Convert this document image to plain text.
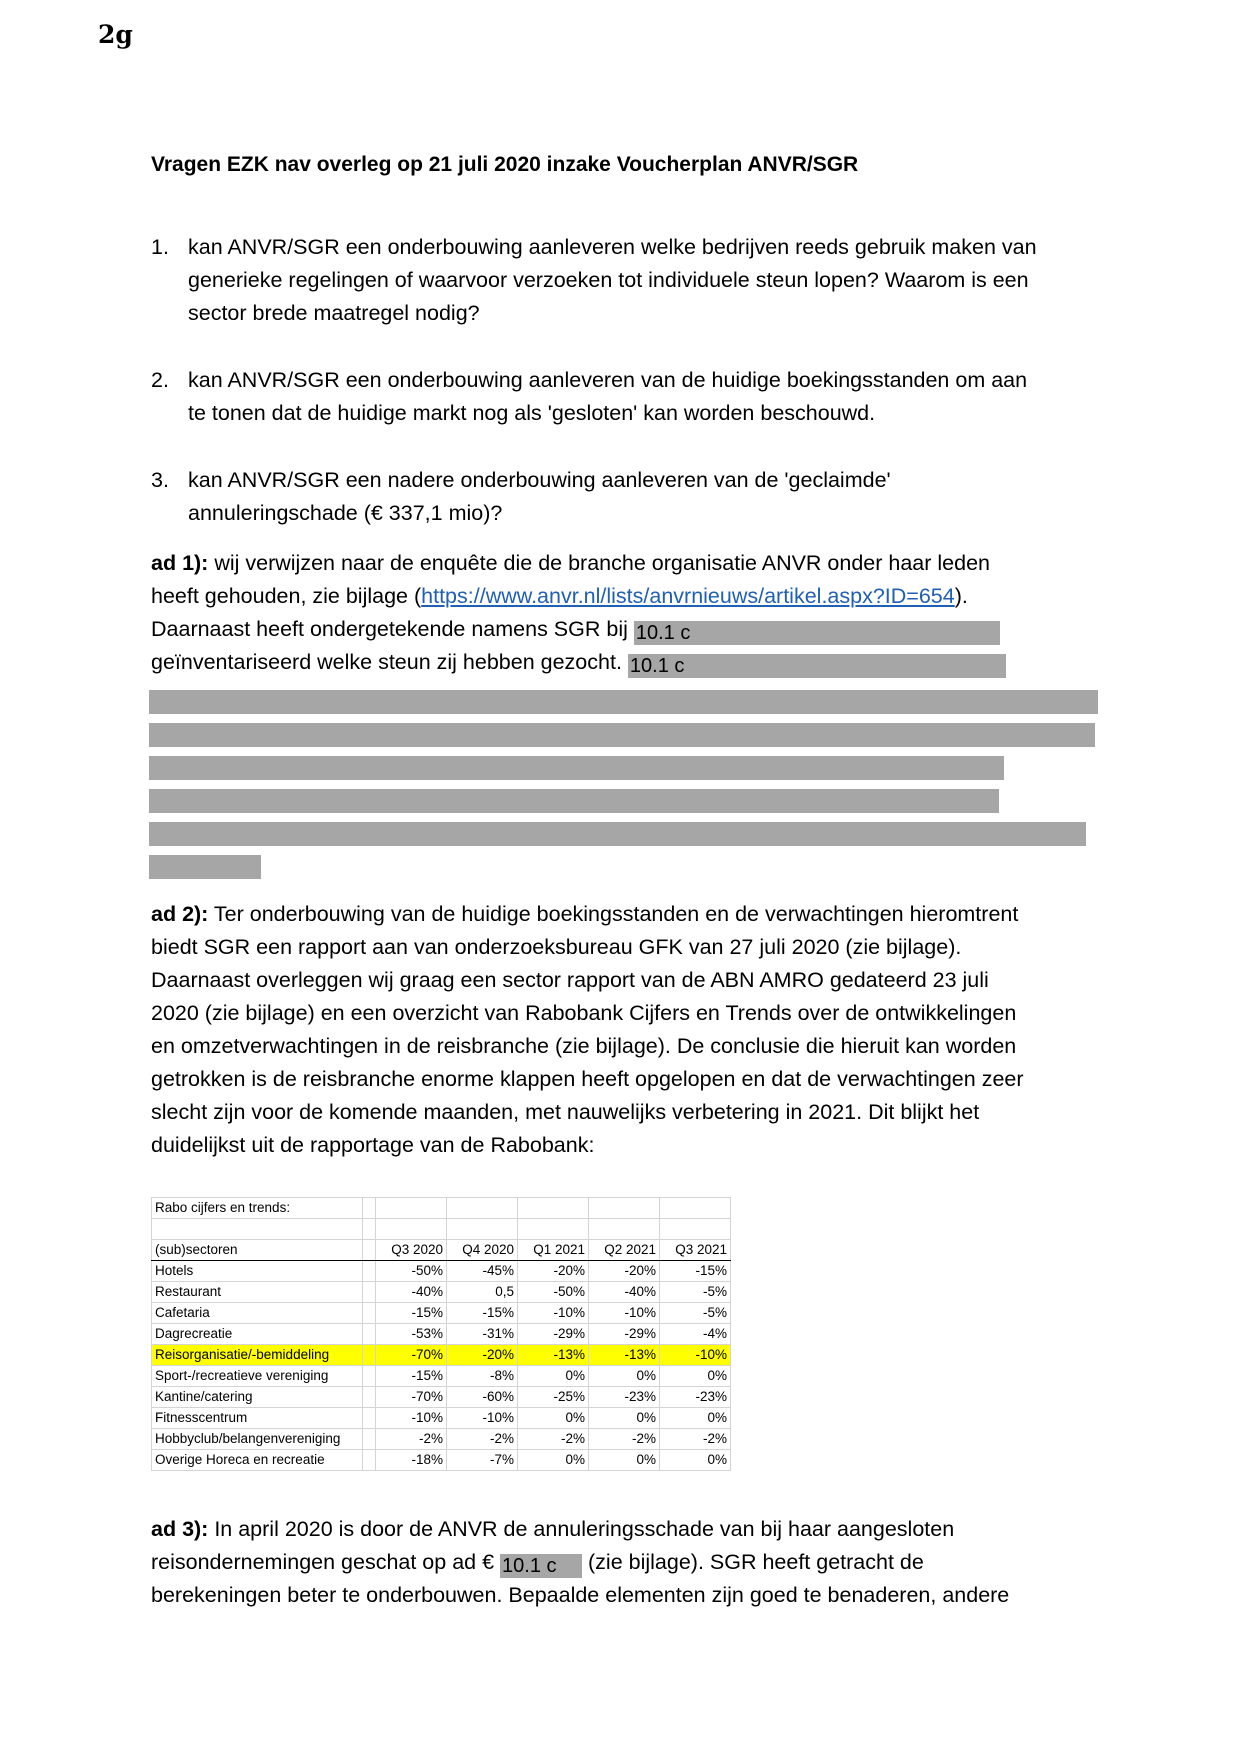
2g
Vragen EZK nav overleg op 21 juli 2020 inzake Voucherplan ANVR/SGR
1. kan ANVR/SGR een onderbouwing aanleveren welke bedrijven reeds gebruik maken van
generieke regelingen of waarvoor verzoeken tot individuele steun lopen? Waarom is een
sector brede maatregel nodig?
2. kan ANVR/SGR een onderbouwing aanleveren van de huidige boekingsstanden om aan
te tonen dat de huidige markt nog als 'gesloten' kan worden beschouwd.
3. kan ANVR/SGR een nadere onderbouwing aanleveren van de 'geclaimde'
annuleringschade (€ 337,1 mio)?
ad 1): wij verwijzen naar de enquête die de branche organisatie ANVR onder haar leden
heeft gehouden, zie bijlage (https://www.anvr.nl/lists/anvrnieuws/artikel.aspx?ID=654).
Daarnaast heeft ondergetekende namens SGR bij 10.1 c
geïnventariseerd welke steun zij hebben gezocht. 10.1 c
ad 2): Ter onderbouwing van de huidige boekingsstanden en de verwachtingen hieromtrent
biedt SGR een rapport aan van onderzoeksbureau GFK van 27 juli 2020 (zie bijlage).
Daarnaast overleggen wij graag een sector rapport van de ABN AMRO gedateerd 23 juli
2020 (zie bijlage) en een overzicht van Rabobank Cijfers en Trends over de ontwikkelingen
en omzetverwachtingen in de reisbranche (zie bijlage). De conclusie die hieruit kan worden
getrokken is de reisbranche enorme klappen heeft opgelopen en dat de verwachtingen zeer
slecht zijn voor de komende maanden, met nauwelijks verbetering in 2021. Dit blijkt het
duidelijkst uit de rapportage van de Rabobank:
Rabo cijfers en trends:						

(sub)sectoren		Q3 2020	Q4 2020	Q1 2021	Q2 2021	Q3 2021
Hotels		-50%	-45%	-20%	-20%	-15%
Restaurant		-40%	0,5	-50%	-40%	-5%
Cafetaria		-15%	-15%	-10%	-10%	-5%
Dagrecreatie		-53%	-31%	-29%	-29%	-4%
Reisorganisatie/-bemiddeling		-70%	-20%	-13%	-13%	-10%
Sport-/recreatieve vereniging		-15%	-8%	0%	0%	0%
Kantine/catering		-70%	-60%	-25%	-23%	-23%
Fitnesscentrum		-10%	-10%	0%	0%	0%
Hobbyclub/belangenvereniging		-2%	-2%	-2%	-2%	-2%
Overige Horeca en recreatie		-18%	-7%	0%	0%	0%
ad 3): In april 2020 is door de ANVR de annuleringsschade van bij haar aangesloten
reisondernemingen geschat op ad € 10.1 c (zie bijlage). SGR heeft getracht de
berekeningen beter te onderbouwen. Bepaalde elementen zijn goed te benaderen, andere
